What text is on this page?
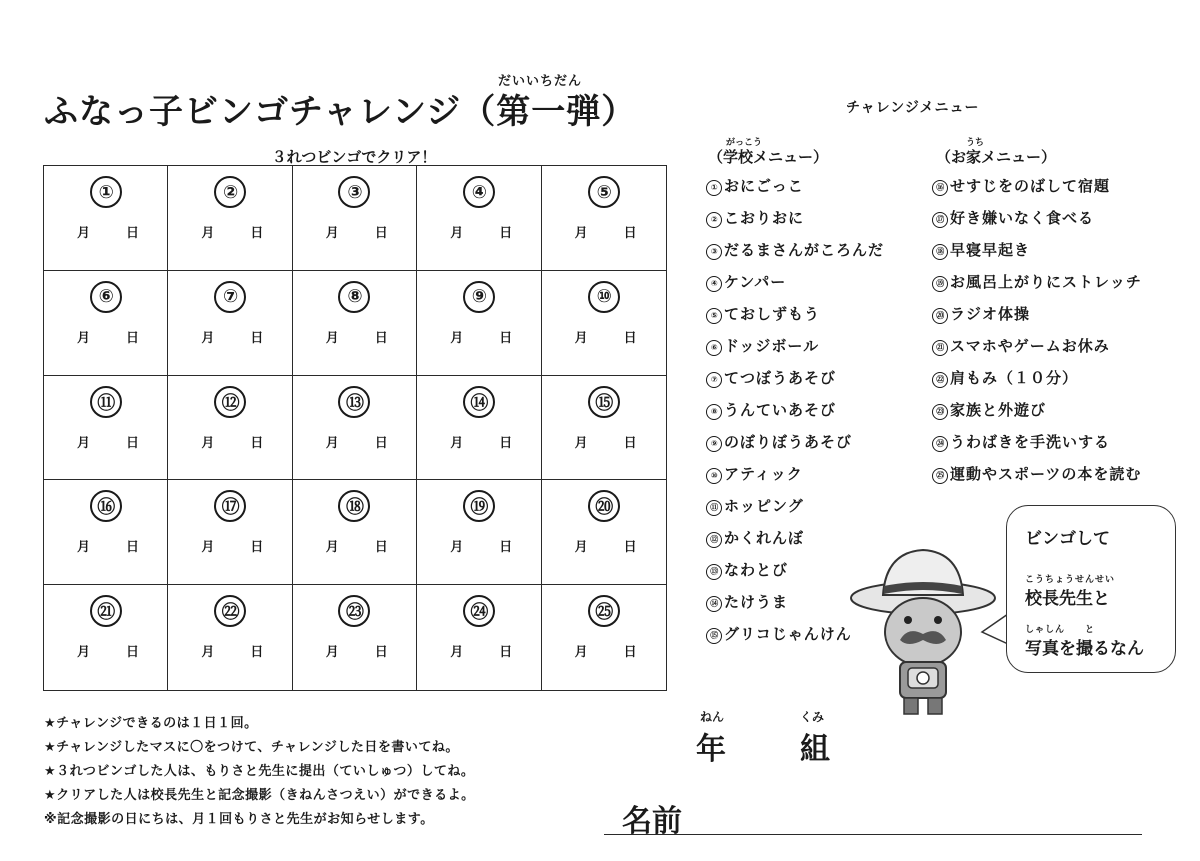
だいいちだん
ふなっ子ビンゴチャレンジ（第一弾）
３れつビンゴでクリア！
①
月	日
②
月	日
③
月	日
④
月	日
⑤
月	日
⑥
月	日
⑦
月	日
⑧
月	日
⑨
月	日
⑩
月	日
⑪
月	日
⑫
月	日
⑬
月	日
⑭
月	日
⑮
月	日
⑯
月	日
⑰
月	日
⑱
月	日
⑲
月	日
⑳
月	日
㉑
月	日
㉒
月	日
㉓
月	日
㉔
月	日
㉕
月	日
チャレンジメニュー
がっこう
（学校メニュー）
① おにごっこ
② こおりおに
③ だるまさんがころんだ
④ ケンパー
⑤ ておしずもう
⑥ ドッジボール
⑦ てつぼうあそび
⑧ うんていあそび
⑨ のぼりぼうあそび
⑩ アティック
⑪ ホッピング
⑫ かくれんぼ
⑬ なわとび
⑭ たけうま
⑮ グリコじゃんけん
うち
（お家メニュー）
⑯ せすじをのばして宿題
⑰ 好き嫌いなく食べる
⑱ 早寝早起き
⑲ お風呂上がりにストレッチ
⑳ ラジオ体操
㉑ スマホやゲームお休み
㉒ 肩もみ（１０分）
㉓ 家族と外遊び
㉔ うわばきを手洗いする
㉕ 運動やスポーツの本を読む
ビンゴして
こうちょうせんせい
校長先生と
しゃしん　　と
写真を撮るなん
★チャレンジできるのは１日１回。
★チャレンジしたマスに〇をつけて、チャレンジした日を書いてね。
★３れつビンゴした人は、もりさと先生に提出（ていしゅつ）してね。
★クリアした人は校長先生と記念撮影（きねんさつえい）ができるよ。
※記念撮影の日にちは、月１回もりさと先生がお知らせします。
ねん	くみ
年 組
名前
